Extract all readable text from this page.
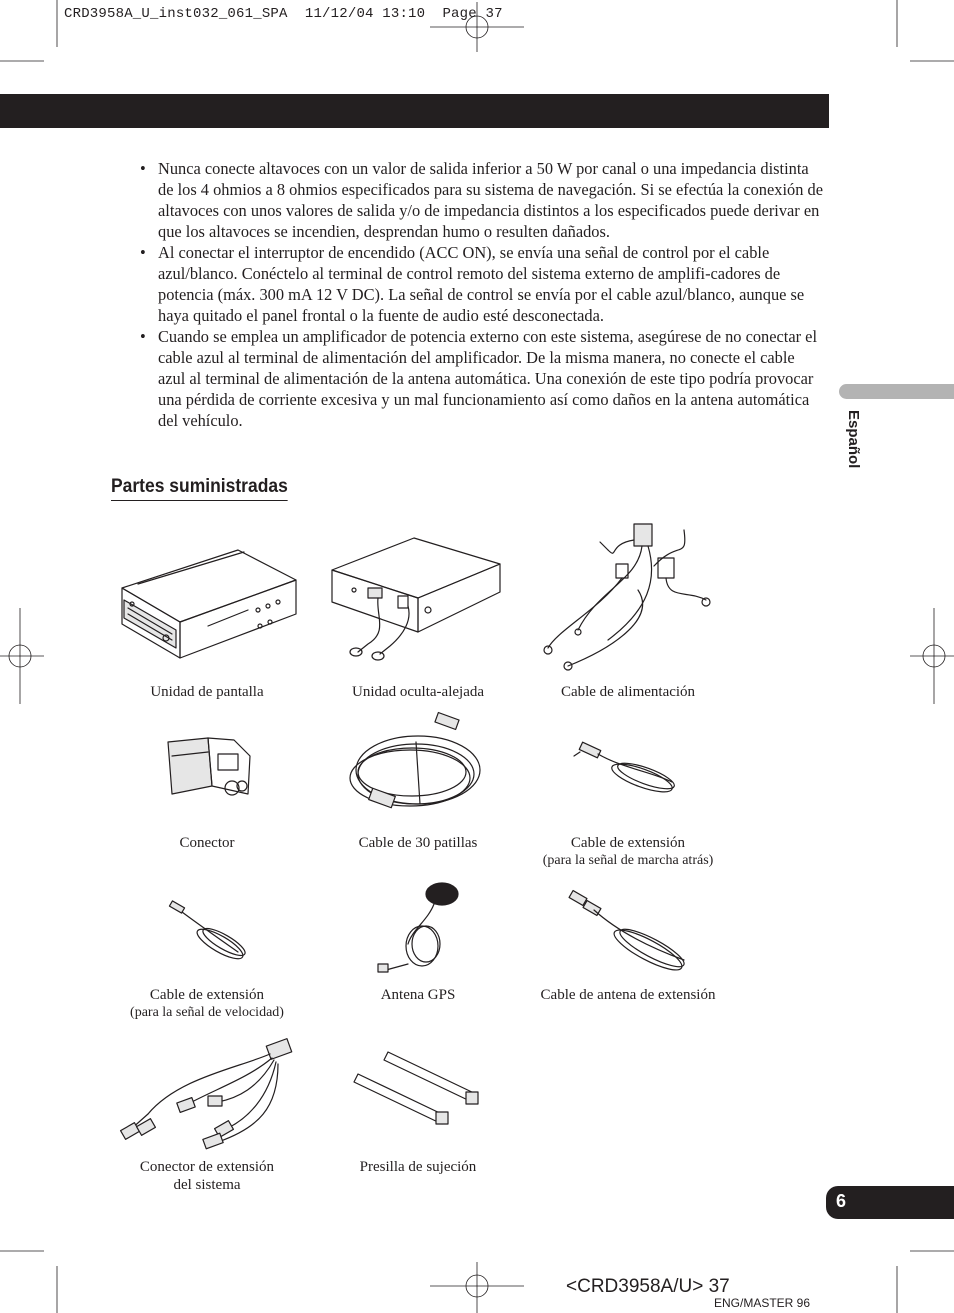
CRD3958A_U_inst032_061_SPA  11/12/04 13:10  Page 37
• Nunca conecte altavoces con un valor de salida inferior a 50 W por canal o una impedancia distinta de los 4 ohmios a 8 ohmios especificados para su sistema de navegación. Si se efectúa la conexión de altavoces con unos valores de salida y/o de impedancia distintos a los especificados puede derivar en que los altavoces se incendien, desprendan humo o resulten dañados.
• Al conectar el interruptor de encendido (ACC ON), se envía una señal de control por el cable azul/blanco. Conéctelo al terminal de control remoto del sistema externo de amplifi-cadores de potencia (máx. 300 mA 12 V DC). La señal de control se envía por el cable azul/blanco, aunque se haya quitado el panel frontal o la fuente de audio esté desconectada.
• Cuando se emplea un amplificador de potencia externo con este sistema, asegúrese de no conectar el cable azul al terminal de alimentación del amplificador. De la misma manera, no conecte el cable azul al terminal de alimentación de la antena automática. Una conexión de este tipo podría provocar una pérdida de corriente excesiva y un mal funcionamiento así como daños en la antena automática del vehículo.
Partes suministradas
Español
Unidad de pantalla	Unidad oculta-alejada	Cable de alimentación
Conector	Cable de 30 patillas	Cable de extensión
(para la señal de marcha atrás)
Cable de extensión
(para la señal de velocidad)
Antena GPS	Cable de antena de extensión
Conector de extensión
del sistema
Presilla de sujeción
6
<CRD3958A/U> 37
ENG/MASTER 96
